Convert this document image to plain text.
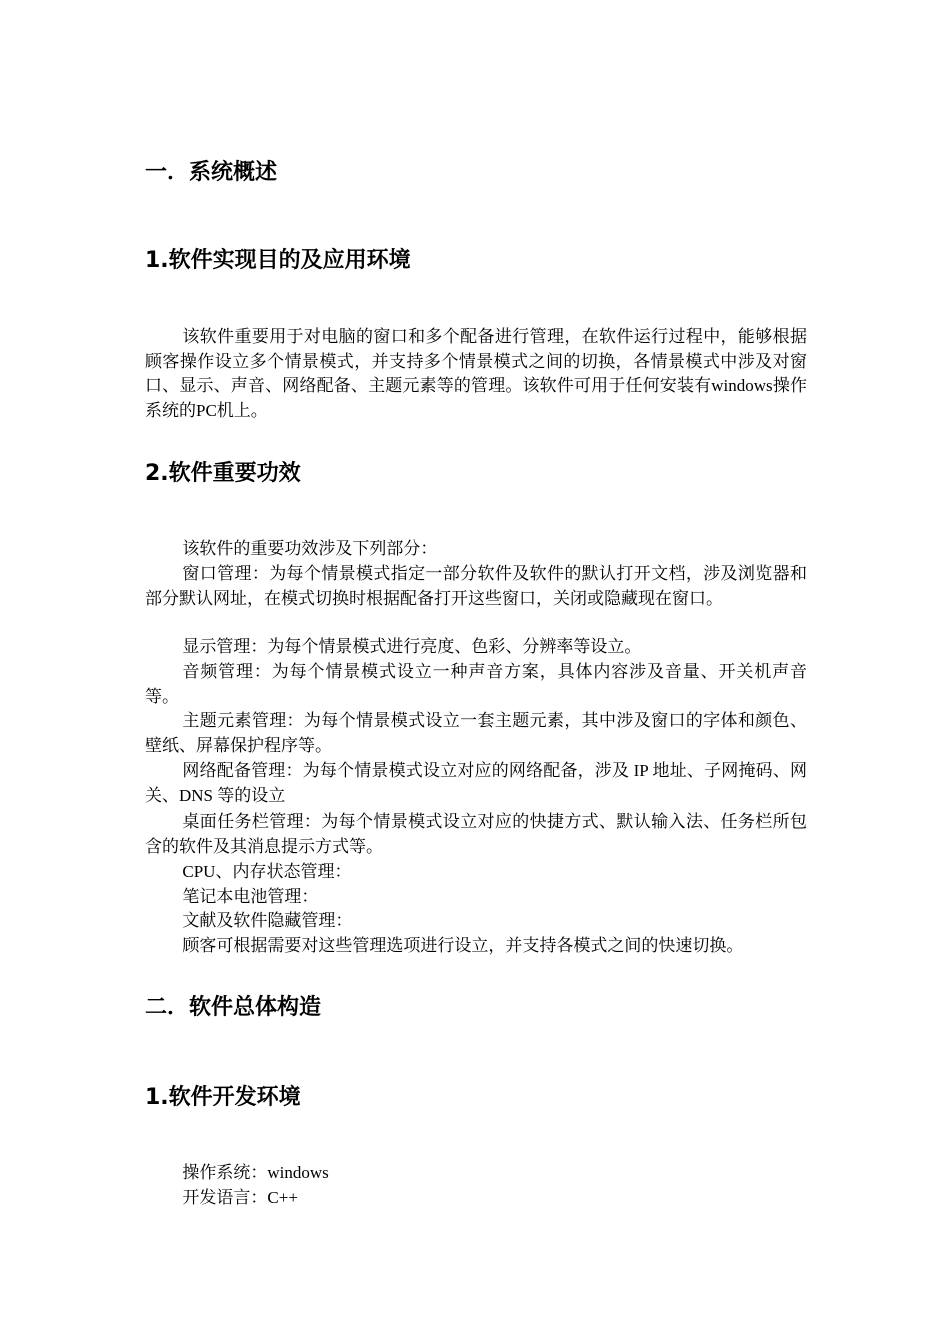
一．系统概述
1.软件实现目的及应用环境

该软件重要用于对电脑的窗口和多个配备进行管理，在软件运行过程中，能够根据顾客操作设立多个情景模式，并支持多个情景模式之间的切换，各情景模式中涉及对窗口、显示、声音、网络配备、主题元素等的管理。该软件可用于任何安装有windows操作系统的PC机上。

2.软件重要功效

该软件的重要功效涉及下列部分：

窗口管理：为每个情景模式指定一部分软件及软件的默认打开文档，涉及浏览器和部分默认网址，在模式切换时根据配备打开这些窗口，关闭或隐藏现在窗口。

显示管理：为每个情景模式进行亮度、色彩、分辨率等设立。

音频管理：为每个情景模式设立一种声音方案，具体内容涉及音量、开关机声音等。

主题元素管理：为每个情景模式设立一套主题元素，其中涉及窗口的字体和颜色、壁纸、屏幕保护程序等。

网络配备管理：为每个情景模式设立对应的网络配备，涉及 IP 地址、子网掩码、网关、DNS 等的设立

桌面任务栏管理：为每个情景模式设立对应的快捷方式、默认输入法、任务栏所包含的软件及其消息提示方式等。

CPU、内存状态管理：

笔记本电池管理：

文献及软件隐藏管理：

顾客可根据需要对这些管理选项进行设立，并支持各模式之间的快速切换。

二．软件总体构造
1.软件开发环境

操作系统：windows

开发语言：C++
